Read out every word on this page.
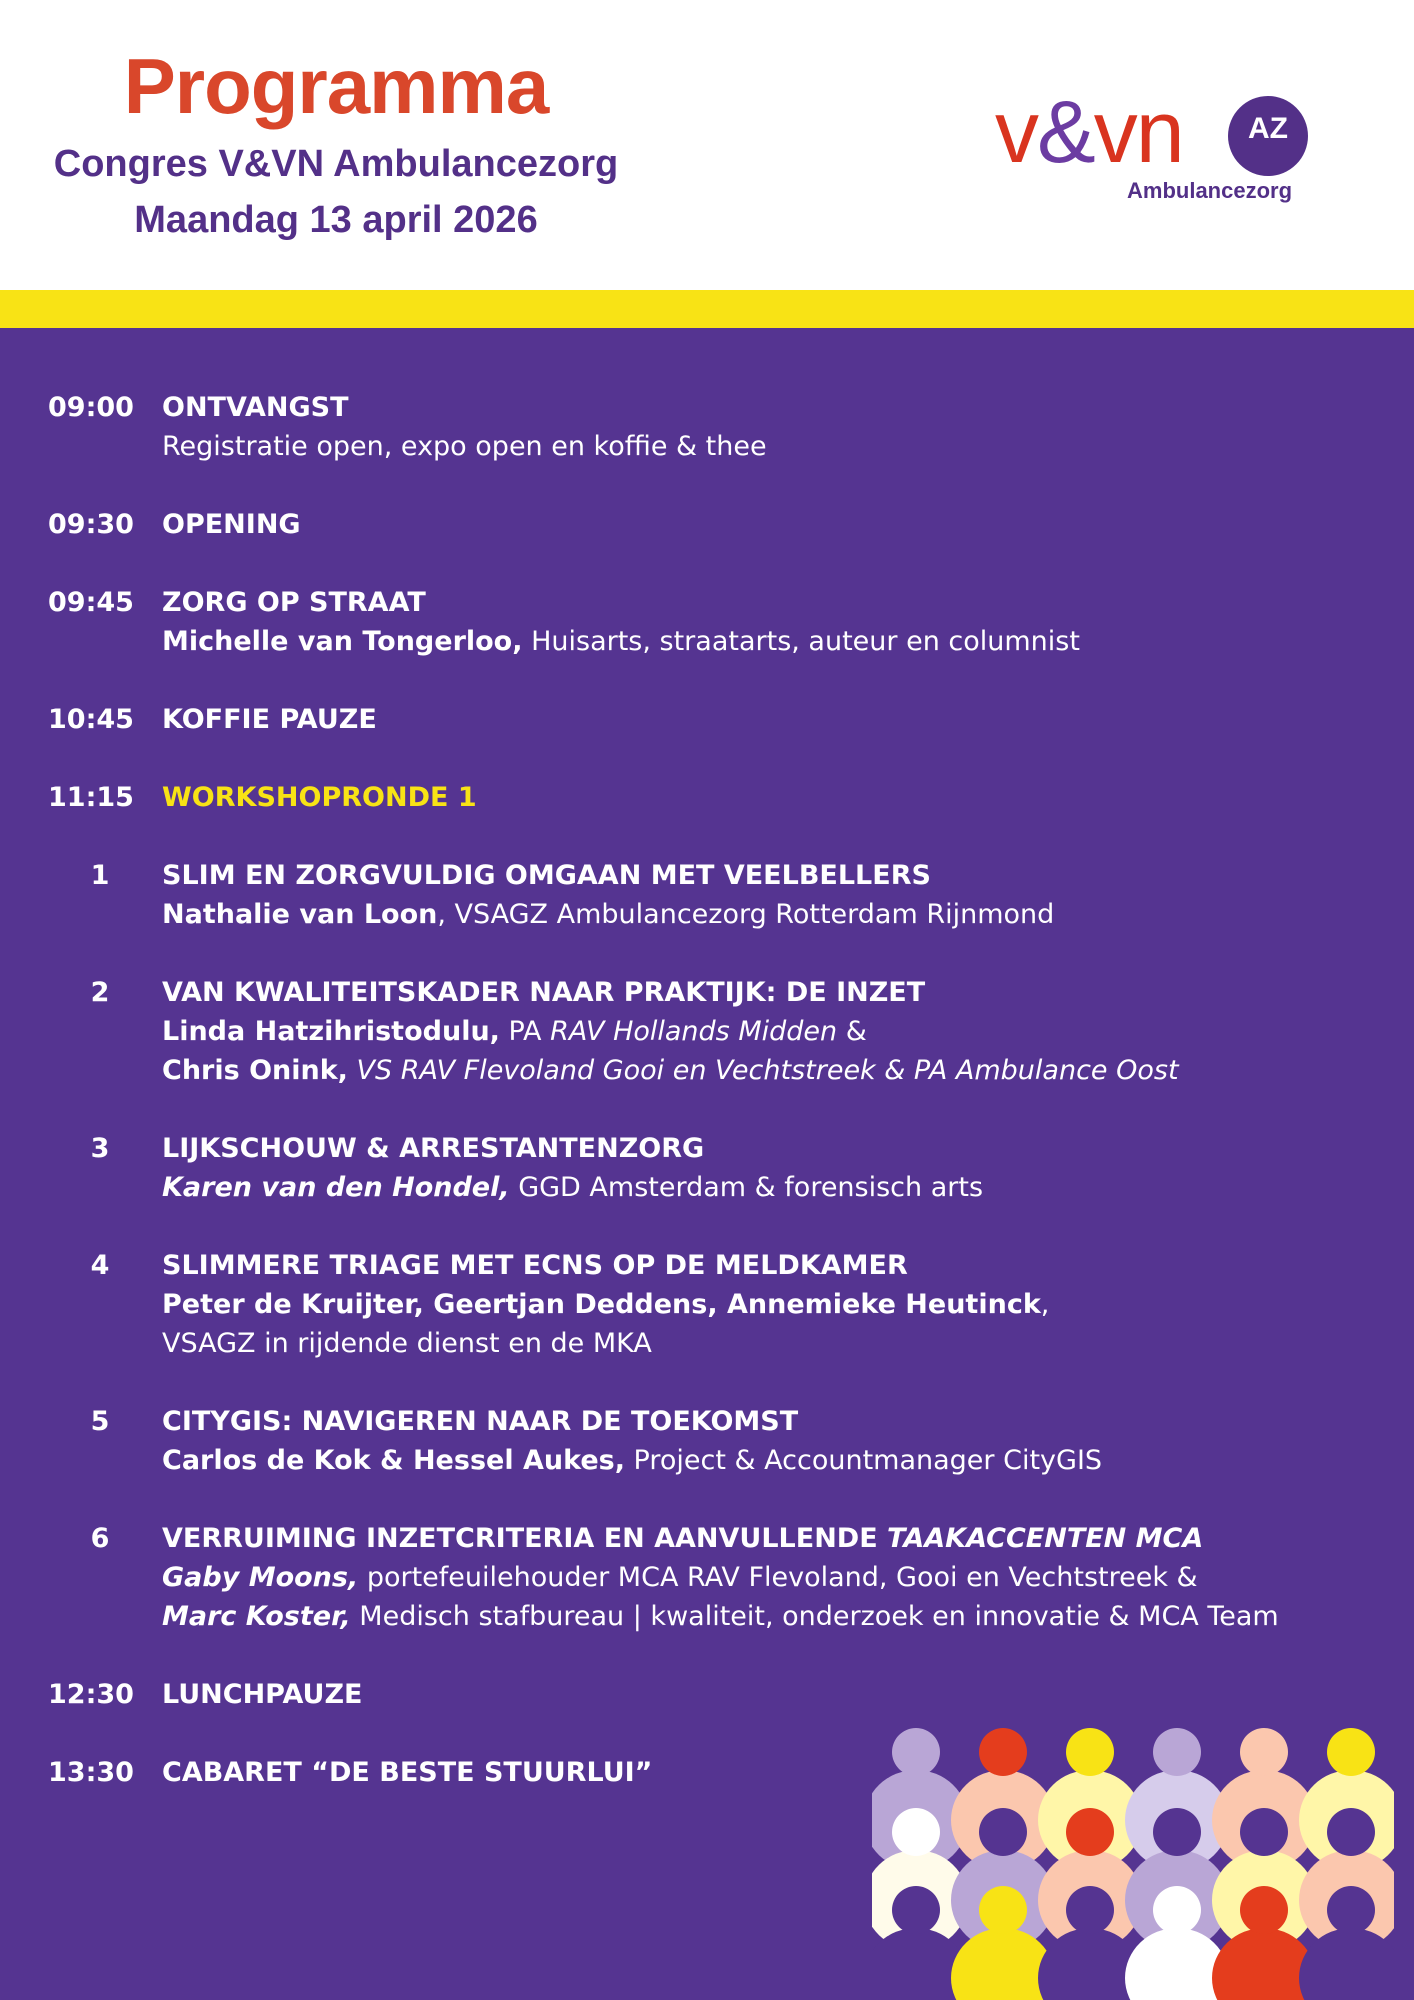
Programma
Congres V&VN Ambulancezorg
Maandag 13 april 2026
v&vn	AZ
Ambulancezorg
09:00 ONTVANGST
Registratie open, expo open en koffie & thee
09:30 OPENING
09:45 ZORG OP STRAAT
Michelle van Tongerloo, Huisarts, straatarts, auteur en columnist
10:45 KOFFIE PAUZE
11:15 WORKSHOPRONDE 1
1 SLIM EN ZORGVULDIG OMGAAN MET VEELBELLERS
Nathalie van Loon, VSAGZ Ambulancezorg Rotterdam Rijnmond
2 VAN KWALITEITSKADER NAAR PRAKTIJK: DE INZET
Linda Hatzihristodulu, PA RAV Hollands Midden &
Chris Onink, VS RAV Flevoland Gooi en Vechtstreek & PA Ambulance Oost
3 LIJKSCHOUW & ARRESTANTENZORG
Karen van den Hondel, GGD Amsterdam & forensisch arts
4 SLIMMERE TRIAGE MET ECNS OP DE MELDKAMER
Peter de Kruijter, Geertjan Deddens, Annemieke Heutinck,
VSAGZ in rijdende dienst en de MKA
5 CITYGIS: NAVIGEREN NAAR DE TOEKOMST
Carlos de Kok & Hessel Aukes, Project & Accountmanager CityGIS
6 VERRUIMING INZETCRITERIA EN AANVULLENDE TAAKACCENTEN MCA
Gaby Moons, portefeuilehouder MCA RAV Flevoland, Gooi en Vechtstreek &
Marc Koster, Medisch stafbureau | kwaliteit, onderzoek en innovatie & MCA Team
12:30 LUNCHPAUZE
13:30 CABARET “DE BESTE STUURLUI”
